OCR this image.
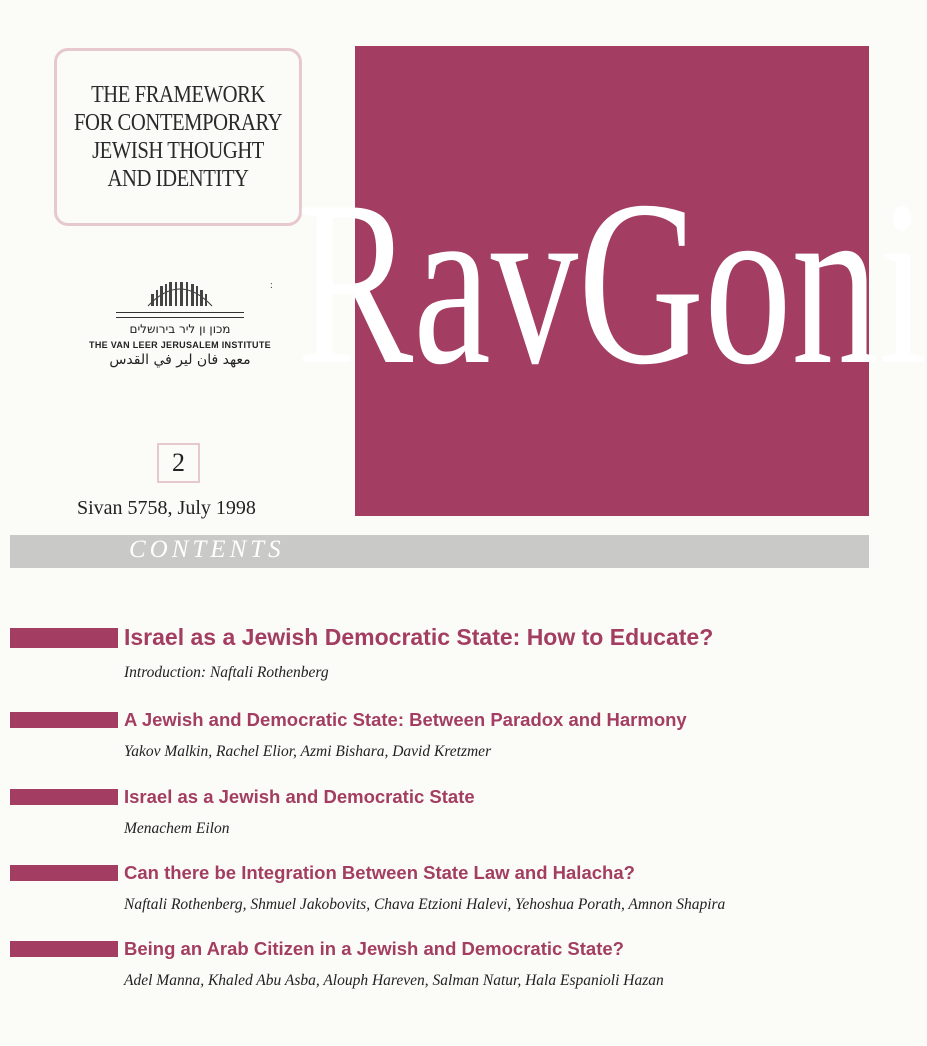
THE FRAMEWORK
FOR CONTEMPORARY
JEWISH THOUGHT
AND IDENTITY
מכון ון ליר בירושלים
THE VAN LEER JERUSALEM INSTITUTE
معهد فان لير في القدس
:
2
Sivan 5758, July 1998
RavGoni
CONTENTS
Israel as a Jewish Democratic State: How to Educate?
Introduction: Naftali Rothenberg
A Jewish and Democratic State: Between Paradox and Harmony
Yakov Malkin, Rachel Elior, Azmi Bishara, David Kretzmer
Israel as a Jewish and Democratic State
Menachem Eilon
Can there be Integration Between State Law and Halacha?
Naftali Rothenberg, Shmuel Jakobovits, Chava Etzioni Halevi, Yehoshua Porath, Amnon Shapira
Being an Arab Citizen in a Jewish and Democratic State?
Adel Manna, Khaled Abu Asba, Alouph Hareven, Salman Natur, Hala Espanioli Hazan
